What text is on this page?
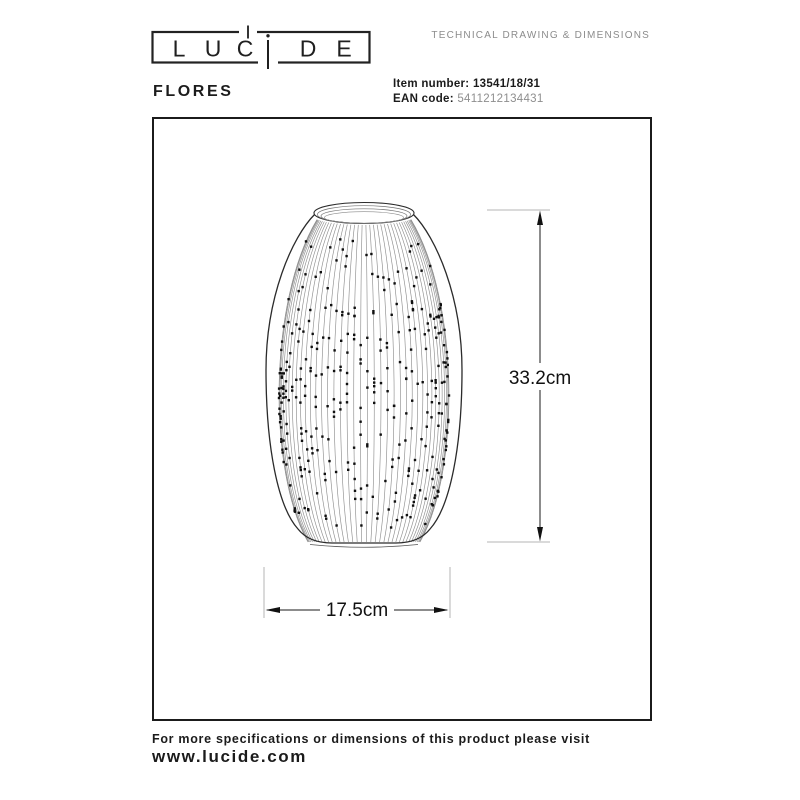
L U C D E	TECHNICAL DRAWING & DIMENSIONS
FLORES	Item number: 13541/18/31
EAN code: 5411212134431
33.2cm
17.5cm
For more specifications or dimensions of this product please visit
www.lucide.com
